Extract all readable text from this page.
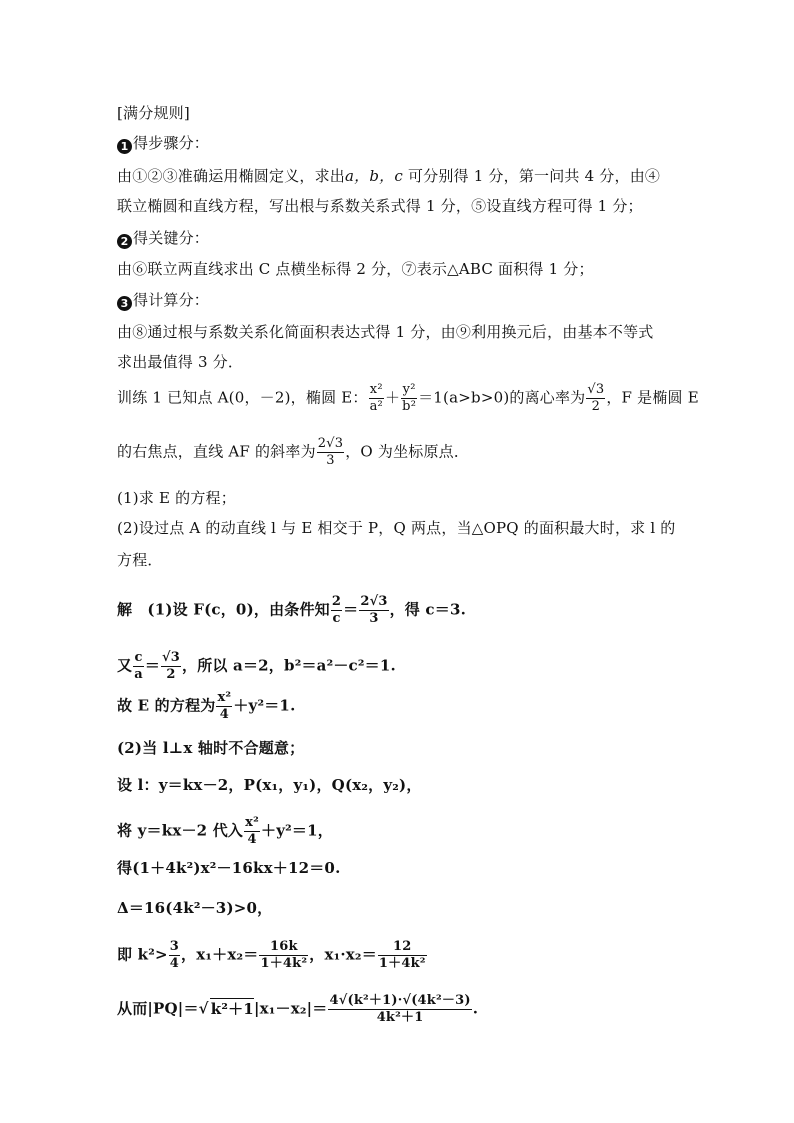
[满分规则]
1 得步骤分：
由①②③准确运用椭圆定义，求出a，b，c 可分别得 1 分，第一问共 4 分，由④
联立椭圆和直线方程，写出根与系数关系式得 1 分，⑤设直线方程可得 1 分；
2 得关键分：
由⑥联立两直线求出 C 点横坐标得 2 分，⑦表示△ABC 面积得 1 分；
3 得计算分：
由⑧通过根与系数关系化简面积表达式得 1 分，由⑨利用换元后，由基本不等式
求出最值得 3 分．
训练 1 已知点 A(0，－2)，椭圆 E： $\frac{\text{x²}}{\text{a²}} + \frac{\text{y²}}{\text{b²}} =1(a>b>0)$的离心率为 $\frac{√3}{2}$ ，F 是椭圆 E
的右焦点，直线 AF 的斜率为 $\frac{2√3}{3}$ ，O 为坐标原点．
(1)求 E 的方程；
(2)设过点 A 的动直线 l 与 E 相交于 P，Q 两点，当△OPQ 的面积最大时，求 l 的
方程．
解　(1)设 F(c，0)，由条件知 $\frac{2}{c} = \frac{2√3}{3}$ ，得 c＝3.
又 $\frac{c}{a} = \frac{√3}{2}$ ，所以 a＝2，b²＝a²－c²＝1.
故 E 的方程为 $\frac{\text{x²}}{4} +y^2=1$.
(2)当 l⊥x 轴时不合题意；
设 l：y＝kx－2，P(x₁，y₁)，Q(x₂，y₂)，
将 y＝kx－2 代入 $\frac{\text{x²}}{4} +y^2=1$，
得(1＋4k²)x²－16kx＋12＝0.
Δ＝16(4k²－3)>0，
即 $k^2> \frac{3}{4}$ ，$x_1+x_2= \frac{16k}{\text{1＋4k²}}$ ，$x_1\cdot x_2= \frac{12}{\text{1＋4k²}}$
从而|PQ|＝√ $k^2+1|x_1-x_2|= \frac{\text{4√(k²＋1)·√(4k²－3)}}{\text{4k²＋1}}$ .
